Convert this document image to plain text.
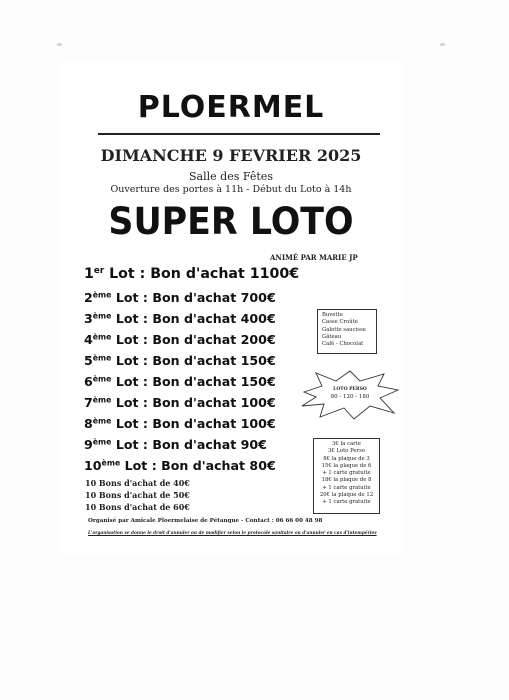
PLOERMEL
DIMANCHE 9 FEVRIER 2025
Salle des Fêtes
Ouverture des portes à 11h - Début du Loto à 14h
SUPER LOTO
ANIMÉ PAR MARIE JP
1er Lot : Bon d'achat 1100€
2ème Lot : Bon d'achat 700€
3ème Lot : Bon d'achat 400€
4ème Lot : Bon d'achat 200€
5ème Lot : Bon d'achat 150€
6ème Lot : Bon d'achat 150€
7ème Lot : Bon d'achat 100€
8ème Lot : Bon d'achat 100€
9ème Lot : Bon d'achat 90€
10ème Lot : Bon d'achat 80€
10 Bons d'achat de 40€
10 Bons d'achat de 50€
10 Bons d'achat de 60€
Buvette
Casse Croûte
Galette saucisse
Gâteau
Café - Chocolat
LOTO PERSO
80 - 120 - 180
3€ la carte
3€ Loto Perso
8€ la plaque de 3
15€ la plaque de 6
+ 1 carte gratuite
18€ la plaque de 8
+ 1 carte gratuite
20€ la plaque de 12
+ 1 carte gratuite
Organisé par Amicale Ploermelaise de Pétanque - Contact : 06 66 00 48 98
L'organisation se donne le droit d'annuler ou de modifier selon le protocole sanitaire ou d'annuler en cas d'intempéries
